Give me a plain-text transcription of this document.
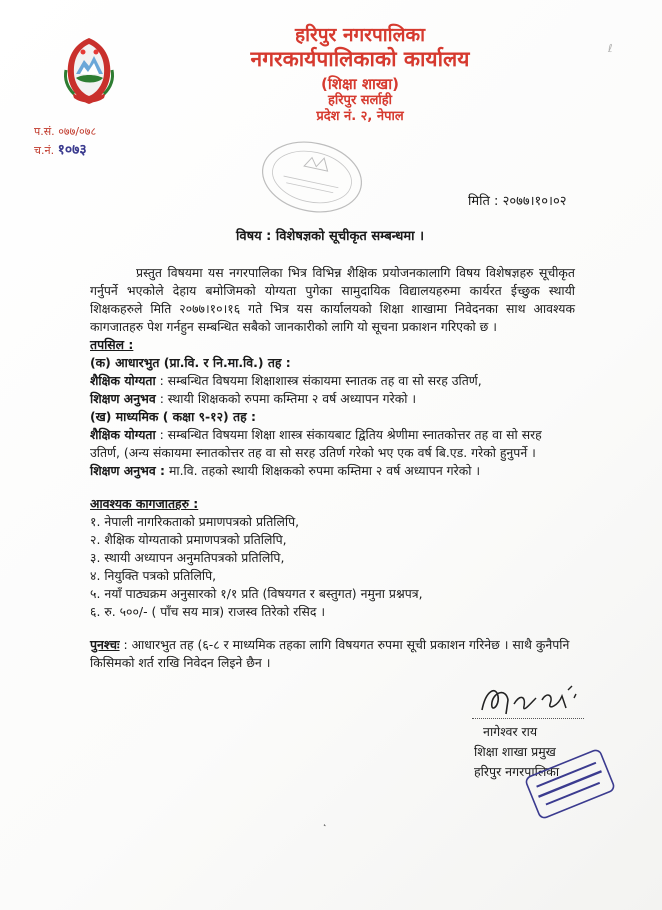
प.सं. ०७७/०७८
च.नं. १०७३
हरिपुर नगरपालिका
नगरकार्यपालिकाको कार्यालय
(शिक्षा शाखा)
हरिपुर सर्लाही
प्रदेश नं. २, नेपाल
मिति : २०७७।१०।०२
विषय : विशेषज्ञको सूचीकृत सम्बन्धमा ।
प्रस्तुत विषयमा यस नगरपालिका भित्र विभिन्न शैक्षिक प्रयोजनकालागि विषय विशेषज्ञहरु सूचीकृत गर्नुपर्ने भएकोले देहाय बमोजिमको योग्यता पुगेका सामुदायिक विद्यालयहरुमा कार्यरत ईच्छुक स्थायी शिक्षकहरुले मिति २०७७।१०।१६ गते भित्र यस कार्यालयको शिक्षा शाखामा निवेदनका साथ आवश्यक कागजातहरु पेश गर्नहुन सम्बन्धित सबैको जानकारीको लागि यो सूचना प्रकाशन गरिएको छ ।
तपसिल :
(क) आधारभुत (प्रा.वि. र नि.मा.वि.) तह :
शैक्षिक योग्यता : सम्बन्धित विषयमा शिक्षाशास्त्र संकायमा स्नातक तह वा सो सरह उतिर्ण,
शिक्षण अनुभव : स्थायी शिक्षकको रुपमा कम्तिमा २ वर्ष अध्यापन गरेको ।
(ख) माध्यमिक ( कक्षा ९-१२) तह :
शैक्षिक योग्यता : सम्बन्धित विषयमा शिक्षा शास्त्र संकायबाट द्वितिय श्रेणीमा स्नातकोत्तर तह वा सो सरह उतिर्ण, (अन्य संकायमा स्नातकोत्तर तह वा सो सरह उतिर्ण गरेको भए एक वर्ष बि.एड. गरेको हुनुपर्ने ।
शिक्षण अनुभव : मा.वि. तहको स्थायी शिक्षकको रुपमा कम्तिमा २ वर्ष अध्यापन गरेको ।
आवश्यक कागजातहरु :
१. नेपाली नागरिकताको प्रमाणपत्रको प्रतिलिपि,
२. शैक्षिक योग्यताको प्रमाणपत्रको प्रतिलिपि,
३. स्थायी अध्यापन अनुमतिपत्रको प्रतिलिपि,
४. नियुक्ति पत्रको प्रतिलिपि,
५. नयाँ पाठ्यक्रम अनुसारको १/१ प्रति (विषयगत र बस्तुगत) नमुना प्रश्नपत्र,
६. रु. ५००/- ( पाँच सय मात्र) राजस्व तिरेको रसिद ।
पुनश्चः : आधारभुत तह (६-८ र माध्यमिक तहका लागि विषयगत रुपमा सूची प्रकाशन गरिनेछ । साथै कुनैपनि किसिमको शर्त राखि निवेदन लिइने छैन ।
नागेश्वर राय
शिक्षा शाखा प्रमुख
हरिपुर नगरपालिका
ℓ
˛
